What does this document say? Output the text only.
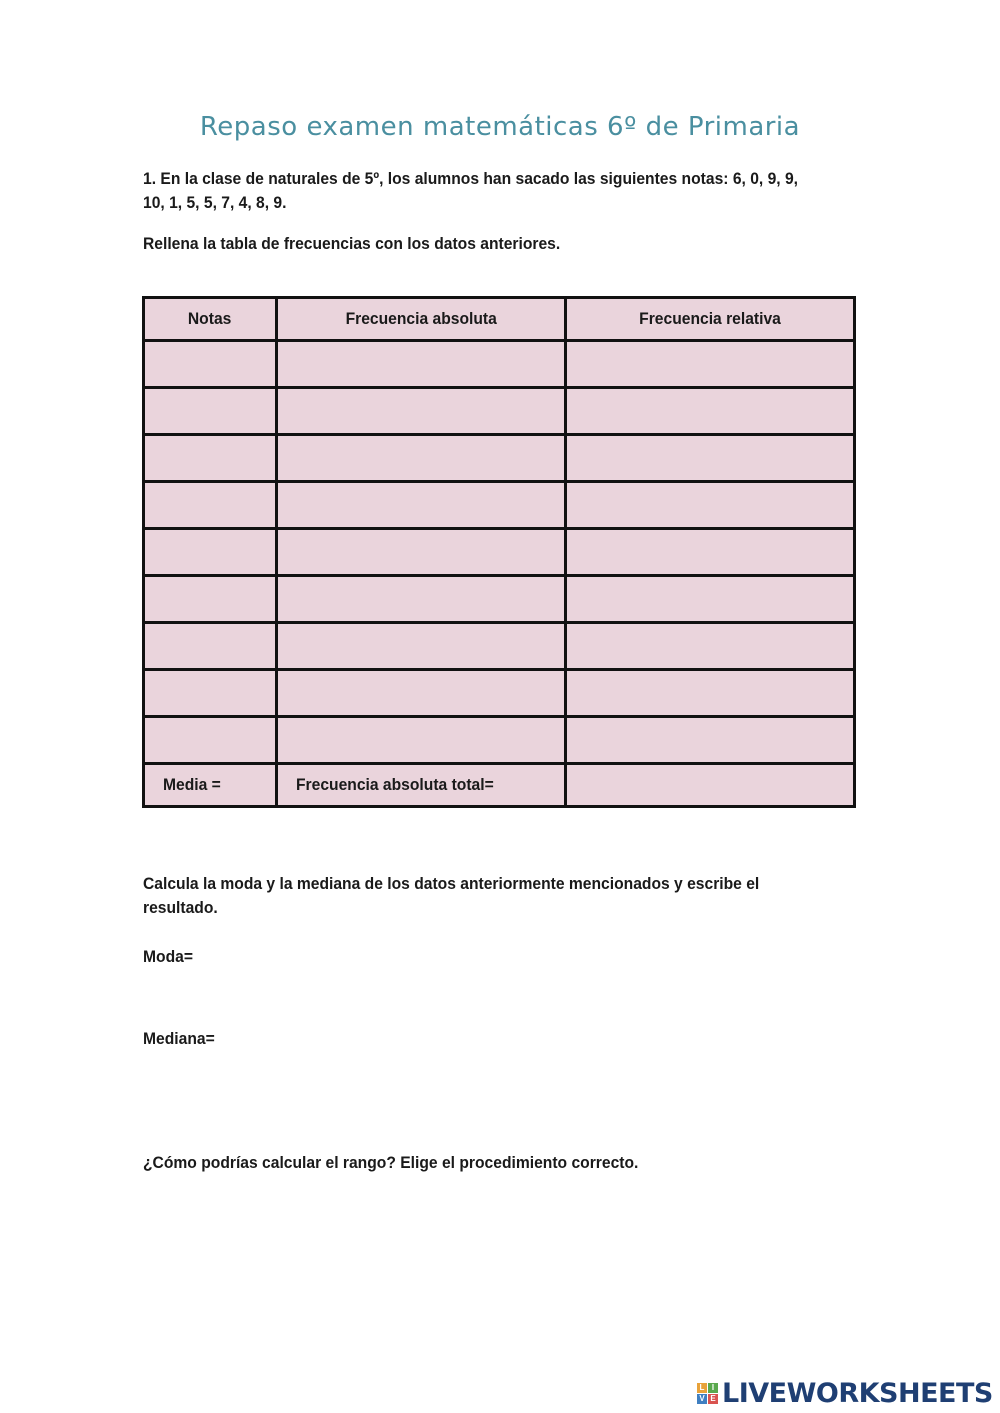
Repaso examen matemáticas 6º de Primaria
1. En la clase de naturales de 5º, los alumnos han sacado las siguientes notas: 6, 0, 9, 9,
10, 1, 5, 5, 7, 4, 8, 9.
Rellena la tabla de frecuencias con los datos anteriores.
Notas	Frecuencia absoluta	Frecuencia relativa

Media =	Frecuencia absoluta total=	
Calcula la moda y la mediana de los datos anteriormente mencionados y escribe el
resultado.
Moda=
Mediana=
¿Cómo podrías calcular el rango? Elige el procedimiento correcto.
L I
V E LIVEWORKSHEETS
